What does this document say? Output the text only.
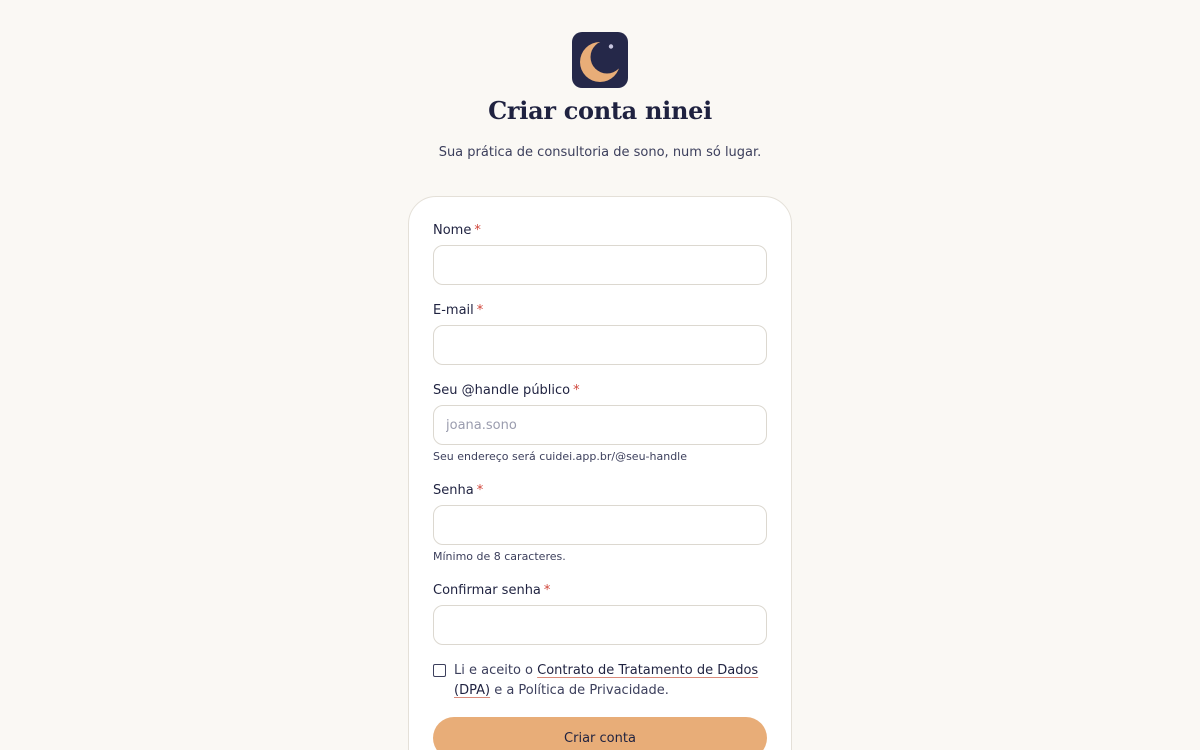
Criar conta ninei

Sua prática de consultoria de sono, num só lugar.

Nome *
E-mail *
Seu @handle público *
joana.sono
Seu endereço será cuidei.app.br/@seu-handle
Senha *
Mínimo de 8 caracteres.
Confirmar senha *
Li e aceito o Contrato de Tratamento de Dados (DPA) e a Política de Privacidade.
Criar conta
